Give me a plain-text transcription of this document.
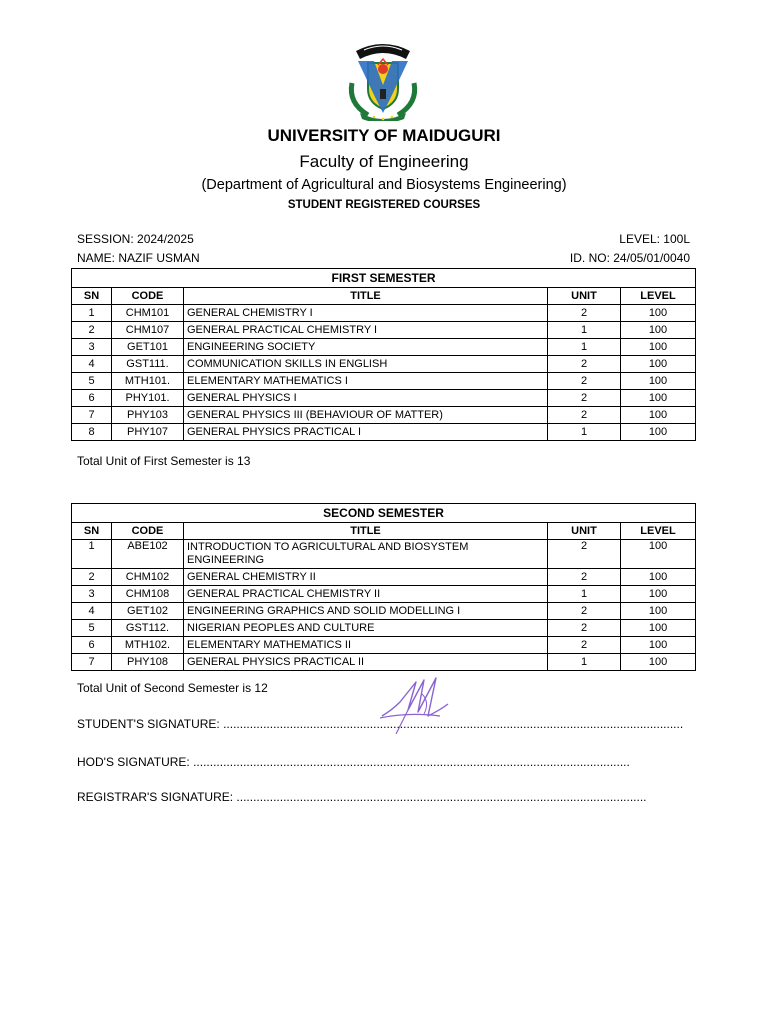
UNIVERSITY OF MAIDUGURI
Faculty of Engineering
(Department of Agricultural and Biosystems Engineering)
STUDENT REGISTERED COURSES
SESSION: 2024/2025	LEVEL: 100L
NAME: NAZIF USMAN	ID. NO: 24/05/01/0040
FIRST SEMESTER				
SN	CODE	TITLE	UNIT	LEVEL
1	CHM101	GENERAL CHEMISTRY I	2	100
2	CHM107	GENERAL PRACTICAL CHEMISTRY I	1	100
3	GET101	ENGINEERING SOCIETY	1	100
4	GST111.	COMMUNICATION SKILLS IN ENGLISH	2	100
5	MTH101.	ELEMENTARY MATHEMATICS I	2	100
6	PHY101.	GENERAL PHYSICS I	2	100
7	PHY103	GENERAL PHYSICS III (BEHAVIOUR OF MATTER)	2	100
8	PHY107	GENERAL PHYSICS PRACTICAL I	1	100
Total Unit of First Semester is 13
SECOND SEMESTER				
SN	CODE	TITLE	UNIT	LEVEL
1	ABE102	INTRODUCTION TO AGRICULTURAL AND BIOSYSTEM ENGINEERING	2	100
2	CHM102	GENERAL CHEMISTRY II	2	100
3	CHM108	GENERAL PRACTICAL CHEMISTRY II	1	100
4	GET102	ENGINEERING GRAPHICS AND SOLID MODELLING I	2	100
5	GST112.	NIGERIAN PEOPLES AND CULTURE	2	100
6	MTH102.	ELEMENTARY MATHEMATICS II	2	100
7	PHY108	GENERAL PHYSICS PRACTICAL II	1	100
Total Unit of Second Semester is 12
STUDENT'S SIGNATURE: ..........................................................................................................................................
HOD'S SIGNATURE: ...................................................................................................................................
REGISTRAR'S SIGNATURE: ...........................................................................................................................
